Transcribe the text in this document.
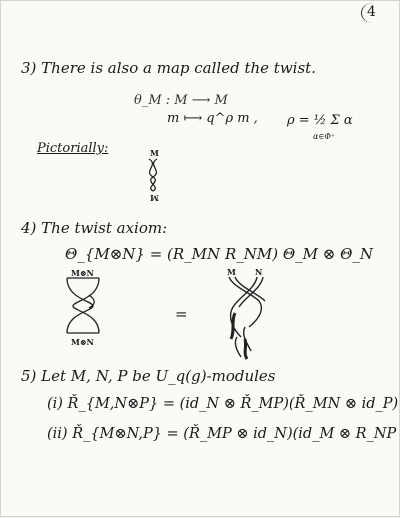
4
3) There is also a map called the twist.
θ_M : M ⟶ M
m ⟼ q^ρ m , ρ = ½ Σ α
α∈Φ⁺
Pictorially:	M
M
4) The twist axiom:
Θ_{M⊗N} = (R_MN R_NM) Θ_M ⊗ Θ_N
M⊗N
M⊗N
=
M N
5) Let M, N, P be U_q(g)-modules
(i) Ř_{M,N⊗P} = (id_N ⊗ Ř_MP)(Ř_MN ⊗ id_P)
(ii) Ř_{M⊗N,P} = (Ř_MP ⊗ id_N)(id_M ⊗ R_NP
